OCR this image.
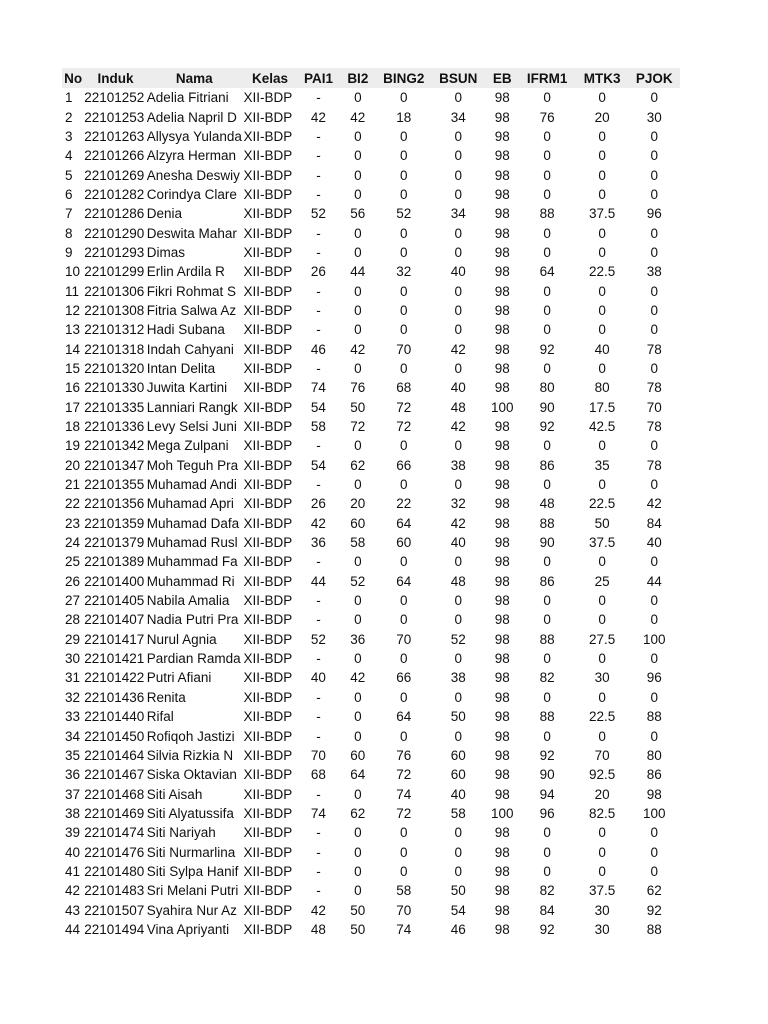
No	Induk	Nama	Kelas	PAI1	BI2	BING2	BSUN	EB	IFRM1	MTK3	PJOK
1	22101252	Adelia Fitriani	XII-BDP	-	0	0	0	98	0	0	0
2	22101253	Adelia Napril D	XII-BDP	42	42	18	34	98	76	20	30
3	22101263	Allysya Yulanda	XII-BDP	-	0	0	0	98	0	0	0
4	22101266	Alzyra Herman	XII-BDP	-	0	0	0	98	0	0	0
5	22101269	Anesha Deswiy	XII-BDP	-	0	0	0	98	0	0	0
6	22101282	Corindya Clare	XII-BDP	-	0	0	0	98	0	0	0
7	22101286	Denia	XII-BDP	52	56	52	34	98	88	37.5	96
8	22101290	Deswita Mahar	XII-BDP	-	0	0	0	98	0	0	0
9	22101293	Dimas	XII-BDP	-	0	0	0	98	0	0	0
10	22101299	Erlin Ardila R	XII-BDP	26	44	32	40	98	64	22.5	38
11	22101306	Fikri Rohmat S	XII-BDP	-	0	0	0	98	0	0	0
12	22101308	Fitria Salwa Az	XII-BDP	-	0	0	0	98	0	0	0
13	22101312	Hadi Subana	XII-BDP	-	0	0	0	98	0	0	0
14	22101318	Indah Cahyani	XII-BDP	46	42	70	42	98	92	40	78
15	22101320	Intan Delita	XII-BDP	-	0	0	0	98	0	0	0
16	22101330	Juwita Kartini	XII-BDP	74	76	68	40	98	80	80	78
17	22101335	Lanniari Rangk	XII-BDP	54	50	72	48	100	90	17.5	70
18	22101336	Levy Selsi Juni	XII-BDP	58	72	72	42	98	92	42.5	78
19	22101342	Mega Zulpani	XII-BDP	-	0	0	0	98	0	0	0
20	22101347	Moh Teguh Pra	XII-BDP	54	62	66	38	98	86	35	78
21	22101355	Muhamad Andi	XII-BDP	-	0	0	0	98	0	0	0
22	22101356	Muhamad Apri	XII-BDP	26	20	22	32	98	48	22.5	42
23	22101359	Muhamad Dafa	XII-BDP	42	60	64	42	98	88	50	84
24	22101379	Muhamad Rusl	XII-BDP	36	58	60	40	98	90	37.5	40
25	22101389	Muhammad Fa	XII-BDP	-	0	0	0	98	0	0	0
26	22101400	Muhammad Ri	XII-BDP	44	52	64	48	98	86	25	44
27	22101405	Nabila Amalia	XII-BDP	-	0	0	0	98	0	0	0
28	22101407	Nadia Putri Pra	XII-BDP	-	0	0	0	98	0	0	0
29	22101417	Nurul Agnia	XII-BDP	52	36	70	52	98	88	27.5	100
30	22101421	Pardian Ramda	XII-BDP	-	0	0	0	98	0	0	0
31	22101422	Putri Afiani	XII-BDP	40	42	66	38	98	82	30	96
32	22101436	Renita	XII-BDP	-	0	0	0	98	0	0	0
33	22101440	Rifal	XII-BDP	-	0	64	50	98	88	22.5	88
34	22101450	Rofiqoh Jastizi	XII-BDP	-	0	0	0	98	0	0	0
35	22101464	Silvia Rizkia N	XII-BDP	70	60	76	60	98	92	70	80
36	22101467	Siska Oktavian	XII-BDP	68	64	72	60	98	90	92.5	86
37	22101468	Siti Aisah	XII-BDP	-	0	74	40	98	94	20	98
38	22101469	Siti Alyatussifa	XII-BDP	74	62	72	58	100	96	82.5	100
39	22101474	Siti Nariyah	XII-BDP	-	0	0	0	98	0	0	0
40	22101476	Siti Nurmarlina	XII-BDP	-	0	0	0	98	0	0	0
41	22101480	Siti Sylpa Hanif	XII-BDP	-	0	0	0	98	0	0	0
42	22101483	Sri Melani Putri	XII-BDP	-	0	58	50	98	82	37.5	62
43	22101507	Syahira Nur Az	XII-BDP	42	50	70	54	98	84	30	92
44	22101494	Vina Apriyanti	XII-BDP	48	50	74	46	98	92	30	88
